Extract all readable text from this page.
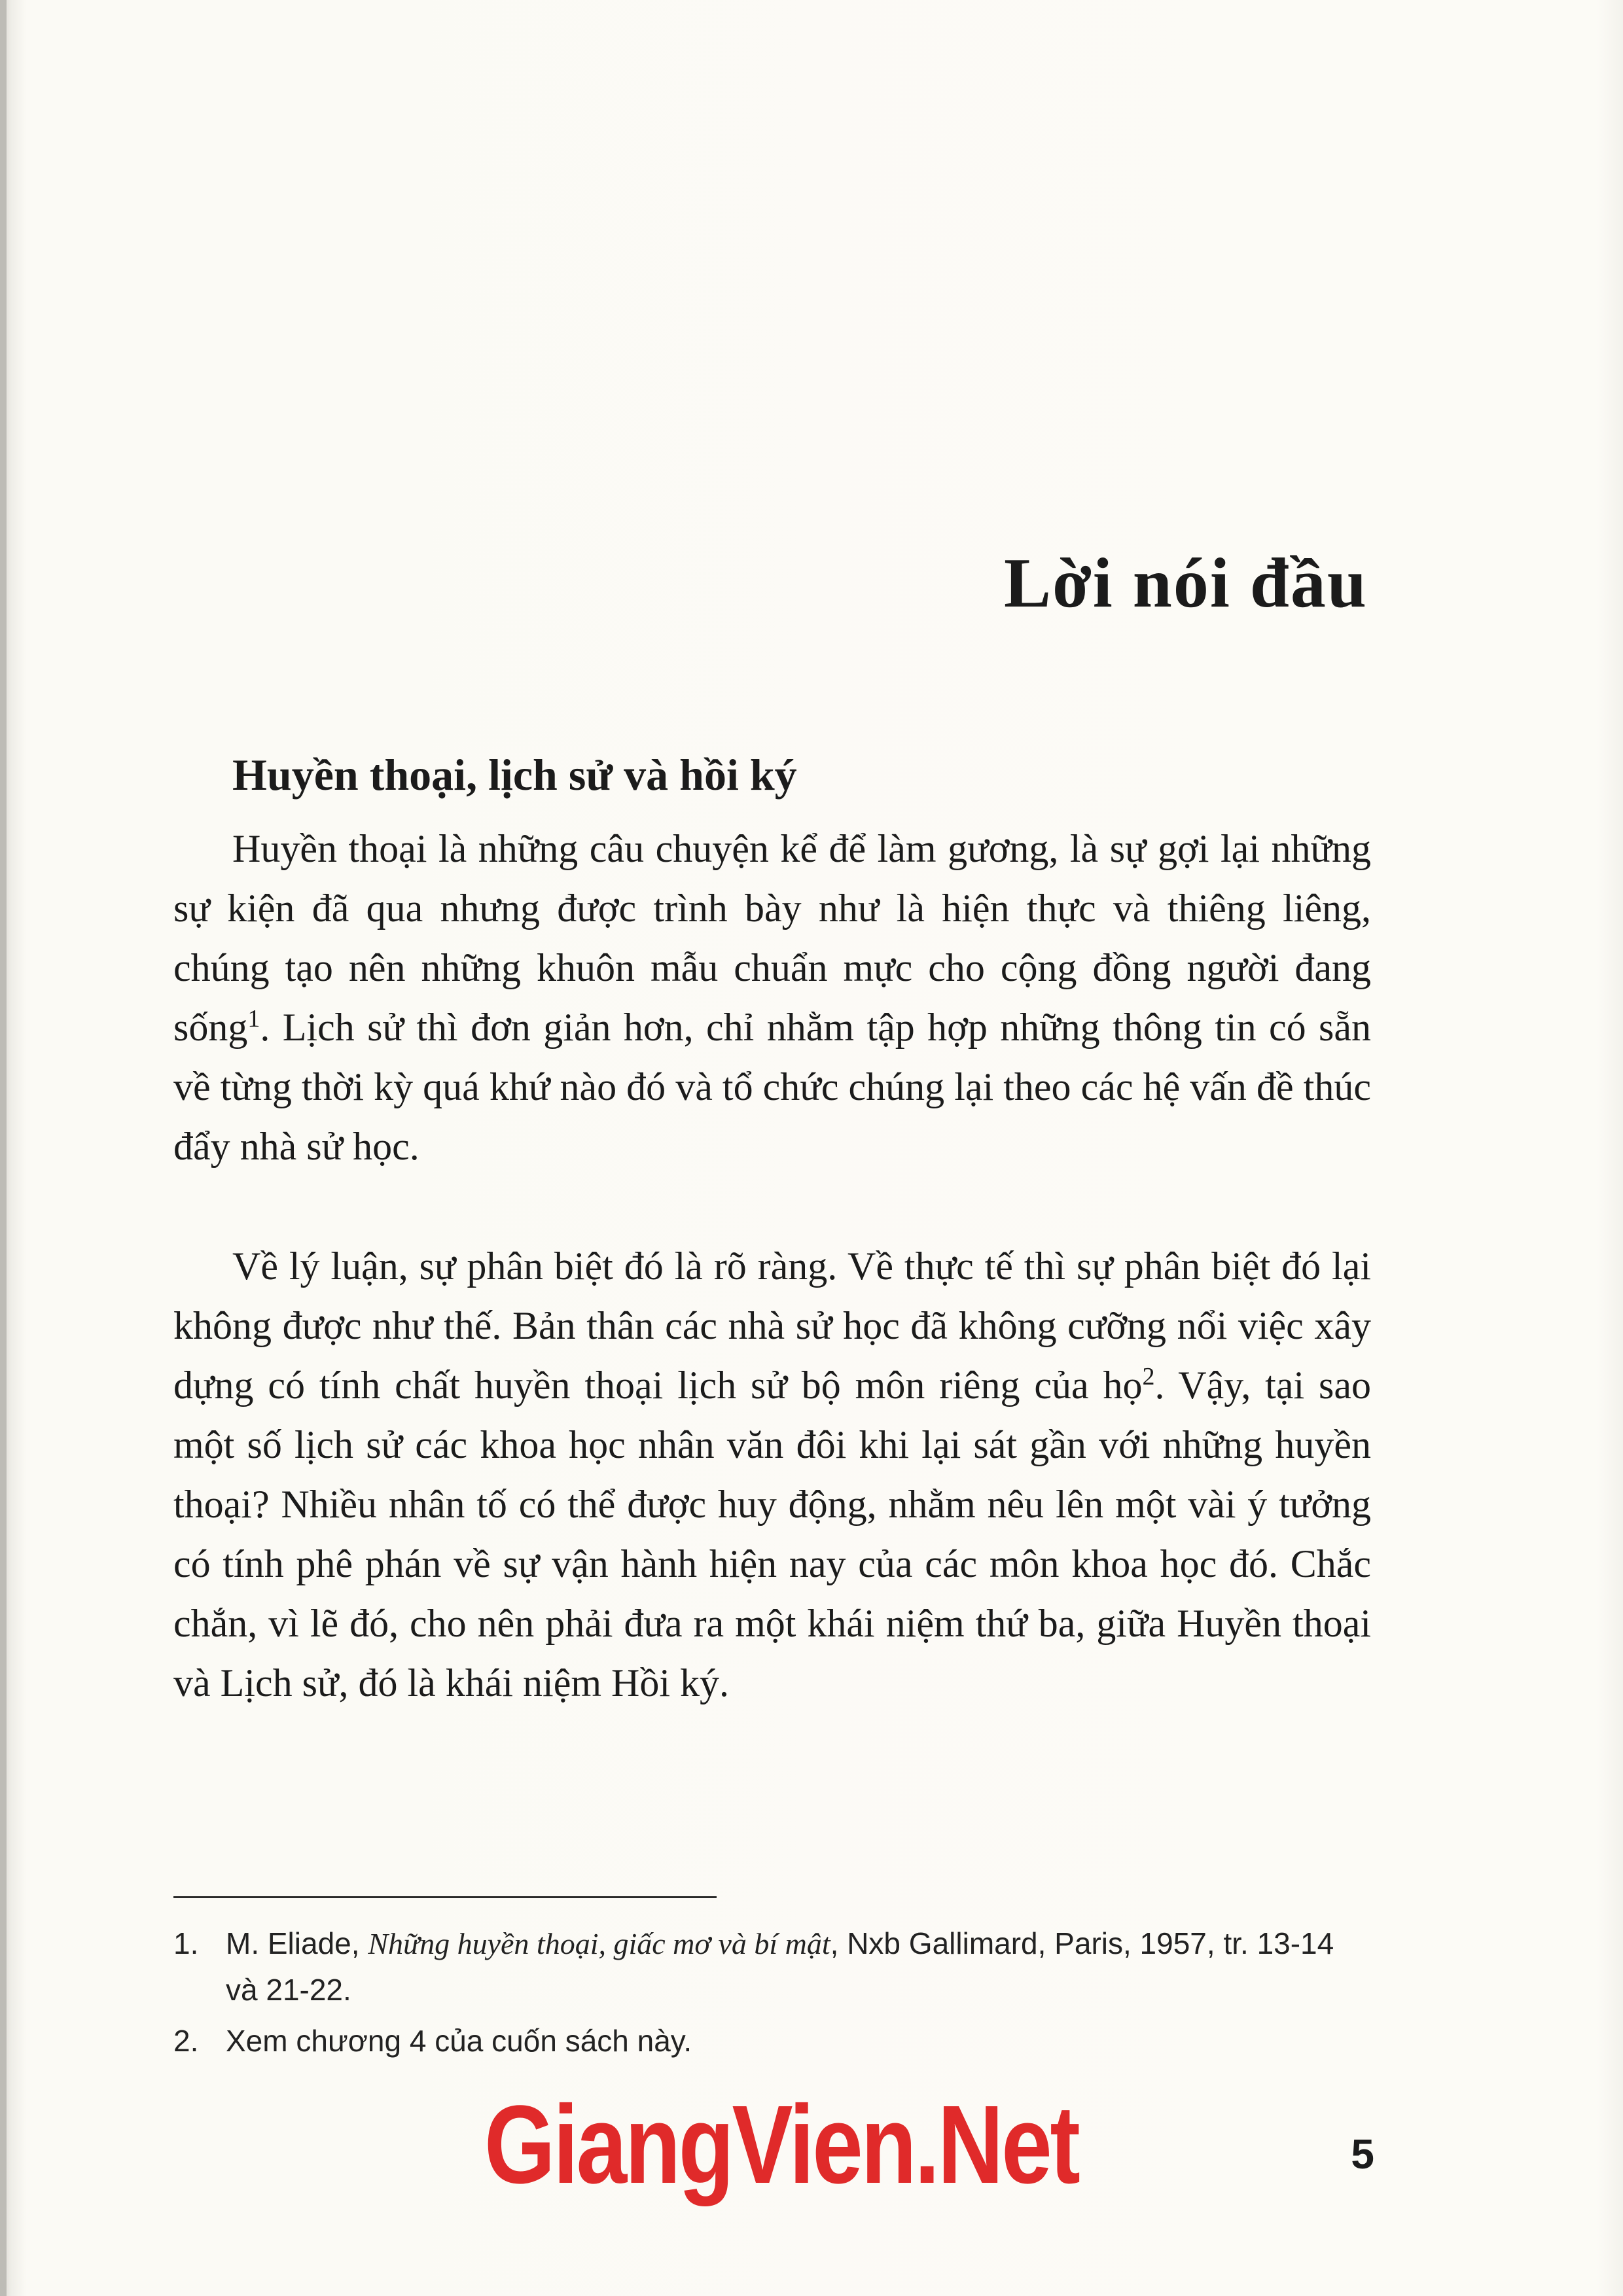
Lời nói đầu
Huyền thoại, lịch sử và hồi ký

Huyền thoại là những câu chuyện kể để làm gương, là sự gợi lại những sự kiện đã qua nhưng được trình bày như là hiện thực và thiêng liêng, chúng tạo nên những khuôn mẫu chuẩn mực cho cộng đồng người đang sống$^1$. Lịch sử thì đơn giản hơn, chỉ nhằm tập hợp những thông tin có sẵn về từng thời kỳ quá khứ nào đó và tổ chức chúng lại theo các hệ vấn đề thúc đẩy nhà sử học.

Về lý luận, sự phân biệt đó là rõ ràng. Về thực tế thì sự phân biệt đó lại không được như thế. Bản thân các nhà sử học đã không cưỡng nổi việc xây dựng có tính chất huyền thoại lịch sử bộ môn riêng của họ$^2$. Vậy, tại sao một số lịch sử các khoa học nhân văn đôi khi lại sát gần với những huyền thoại? Nhiều nhân tố có thể được huy động, nhằm nêu lên một vài ý tưởng có tính phê phán về sự vận hành hiện nay của các môn khoa học đó. Chắc chắn, vì lẽ đó, cho nên phải đưa ra một khái niệm thứ ba, giữa Huyền thoại và Lịch sử, đó là khái niệm Hồi ký.

1. M. Eliade, Những huyền thoại, giấc mơ và bí mật, Nxb Gallimard, Paris, 1957, tr. 13-14 và 21-22.
2. Xem chương 4 của cuốn sách này.
GiangVien.Net	5
